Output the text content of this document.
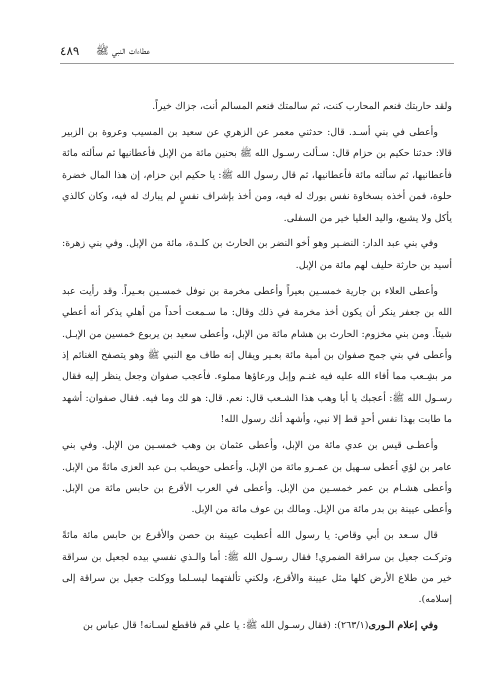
٤٨٩ عطاءات النبي ﷺ

ولقد حاربتك فنعم المحارب كنت، ثم سالمتك فنعم المسالم أنت، جزاك خيراً.

وأعطى في بني أسـد. قال: حدثني معمر عن الزهري عن سعيد بن المسيب وعروة بن الزبير قالا: حدثنا حكيم بن حزام قال: سـألت رسـول الله ﷺ بحنين مائة من الإبل فأعطانيها ثم سألته مائة فأعطانيها، ثم سألته مائة فأعطانيها، ثم قال رسول الله ﷺ: يا حكيم ابن حزام، إن هذا المال خضرة حلوة، فمن أخذه بسخاوة نفس بورك له فيه، ومن أخذ بإشراف نفسٍ لم يبارك له فيه، وكان كالذي يأكل ولا يشبع، واليد العليا خير من السفلى.

وفي بني عبد الدار: النضـير وهو أخو النضر بن الحارث بن كلـدة، مائة من الإبل. وفي بني زهرة: أسيد بن حارثة حليف لهم مائة من الإبل.

وأعطى العلاء بن جارية خمسـين بعيراً وأعطى مخرمة بن نوفل خمسـين بعـيراً. وقد رأيت عبد الله بن جعفر ينكر أن يكون أخذ مخرمة في ذلك وقال: ما سـمعت أحداً من أهلي يذكر أنه أعطي شيئاً. ومن بني مخزوم: الحارث بن هشام مائة من الإبل، وأعطى سعيد بن يربوع خمسين من الإبـل. وأعطى في بني جمح صفوان بن أمية مائة بعـير ويقال إنه طاف مع النبي ﷺ وهو يتصفح الغنائم إذ مر بشِـعب مما أفاء الله عليه فيه غنـم وإبل ورعاؤها مملوء. فأعجب صفوان وجعل ينظر إليه فقال رسـول الله ﷺ: أعجبك يا أبا وهب هذا الشـعب قال: نعم. قال: هو لك وما فيه. فقال صفوان: أشهد ما طابت بهذا نفس أحدٍ قط إلا نبي، وأشهد أنك رسول الله!

وأعطـى قيس بن عدي مائة من الإبل، وأعطى عثمان بن وهب خمسـين من الإبل. وفي بني عامر بن لؤي أعطى سـهيل بن عمـرو مائة من الإبل. وأعطى حويطب بـن عبد العزى مائةً من الإبل. وأعطى هشـام بن عمر خمسـين من الإبل. وأعطى في العرب الأقرع بن حابس مائة من الإبل. وأعطى عيينة بن بدر مائة من الإبل. ومالك بن عوف مائة من الإبل.

قال سـعد بن أبي وقاص: يا رسول الله أعطيت عيينة بن حصن والأقرع بن حابس مائة مائةً وتركـت جعيل بن سراقة الضمري! فقال رسـول الله ﷺ: أما والـذي نفسي بيده لجعيل بن سراقة خير من طلاع الأرض كلها مثل عيينة والأقرع، ولكني تألفتهما ليسـلما ووكلت جعيل بن سراقة إلى إسلامه).

وفي إعلام الـورى(٢٦٣/١): (فقال رسـول الله ﷺ: يا علي قم فاقطع لسـانه! قال عباس بن
